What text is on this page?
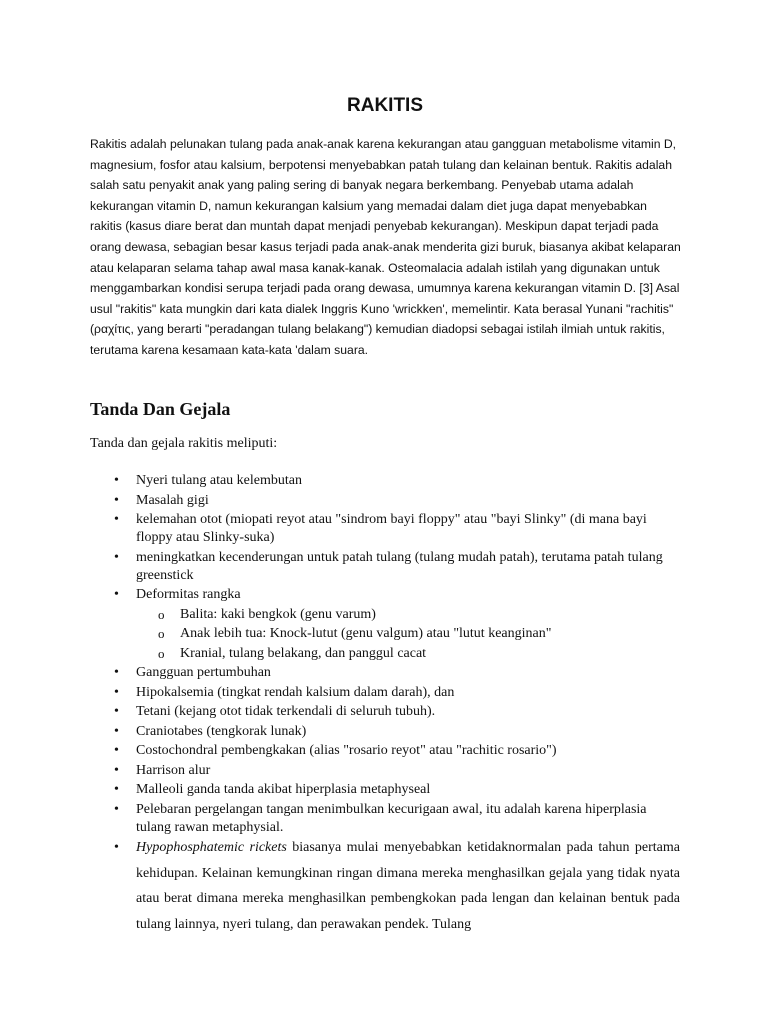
RAKITIS

Rakitis adalah pelunakan tulang pada anak-anak karena kekurangan atau gangguan metabolisme vitamin D, magnesium, fosfor atau kalsium, berpotensi menyebabkan patah tulang dan kelainan bentuk. Rakitis adalah salah satu penyakit anak yang paling sering di banyak negara berkembang. Penyebab utama adalah kekurangan vitamin D, namun kekurangan kalsium yang memadai dalam diet juga dapat menyebabkan rakitis (kasus diare berat dan muntah dapat menjadi penyebab kekurangan). Meskipun dapat terjadi pada orang dewasa, sebagian besar kasus terjadi pada anak-anak menderita gizi buruk, biasanya akibat kelaparan atau kelaparan selama tahap awal masa kanak-kanak. Osteomalacia adalah istilah yang digunakan untuk menggambarkan kondisi serupa terjadi pada orang dewasa, umumnya karena kekurangan vitamin D. [3] Asal usul "rakitis" kata mungkin dari kata dialek Inggris Kuno 'wrickken', memelintir. Kata berasal Yunani "rachitis" (ραχίτις, yang berarti "peradangan tulang belakang") kemudian diadopsi sebagai istilah ilmiah untuk rakitis, terutama karena kesamaan kata-kata 'dalam suara.

Tanda Dan Gejala

Tanda dan gejala rakitis meliputi:

• Nyeri tulang atau kelembutan
• Masalah gigi
• kelemahan otot (miopati reyot atau "sindrom bayi floppy" atau "bayi Slinky" (di mana bayi floppy atau Slinky-suka)
• meningkatkan kecenderungan untuk patah tulang (tulang mudah patah), terutama patah tulang greenstick
• Deformitas rangka
o Balita: kaki bengkok (genu varum)
o Anak lebih tua: Knock-lutut (genu valgum) atau "lutut keanginan"
o Kranial, tulang belakang, dan panggul cacat
• Gangguan pertumbuhan
• Hipokalsemia (tingkat rendah kalsium dalam darah), dan
• Tetani (kejang otot tidak terkendali di seluruh tubuh).
• Craniotabes (tengkorak lunak)
• Costochondral pembengkakan (alias "rosario reyot" atau "rachitic rosario")
• Harrison alur
• Malleoli ganda tanda akibat hiperplasia metaphyseal
• Pelebaran pergelangan tangan menimbulkan kecurigaan awal, itu adalah karena hiperplasia tulang rawan metaphysial.
• Hypophosphatemic rickets biasanya mulai menyebabkan ketidaknormalan pada tahun pertama kehidupan. Kelainan kemungkinan ringan dimana mereka menghasilkan gejala yang tidak nyata atau berat dimana mereka menghasilkan pembengkokan pada lengan dan kelainan bentuk pada tulang lainnya, nyeri tulang, dan perawakan pendek. Tulang
